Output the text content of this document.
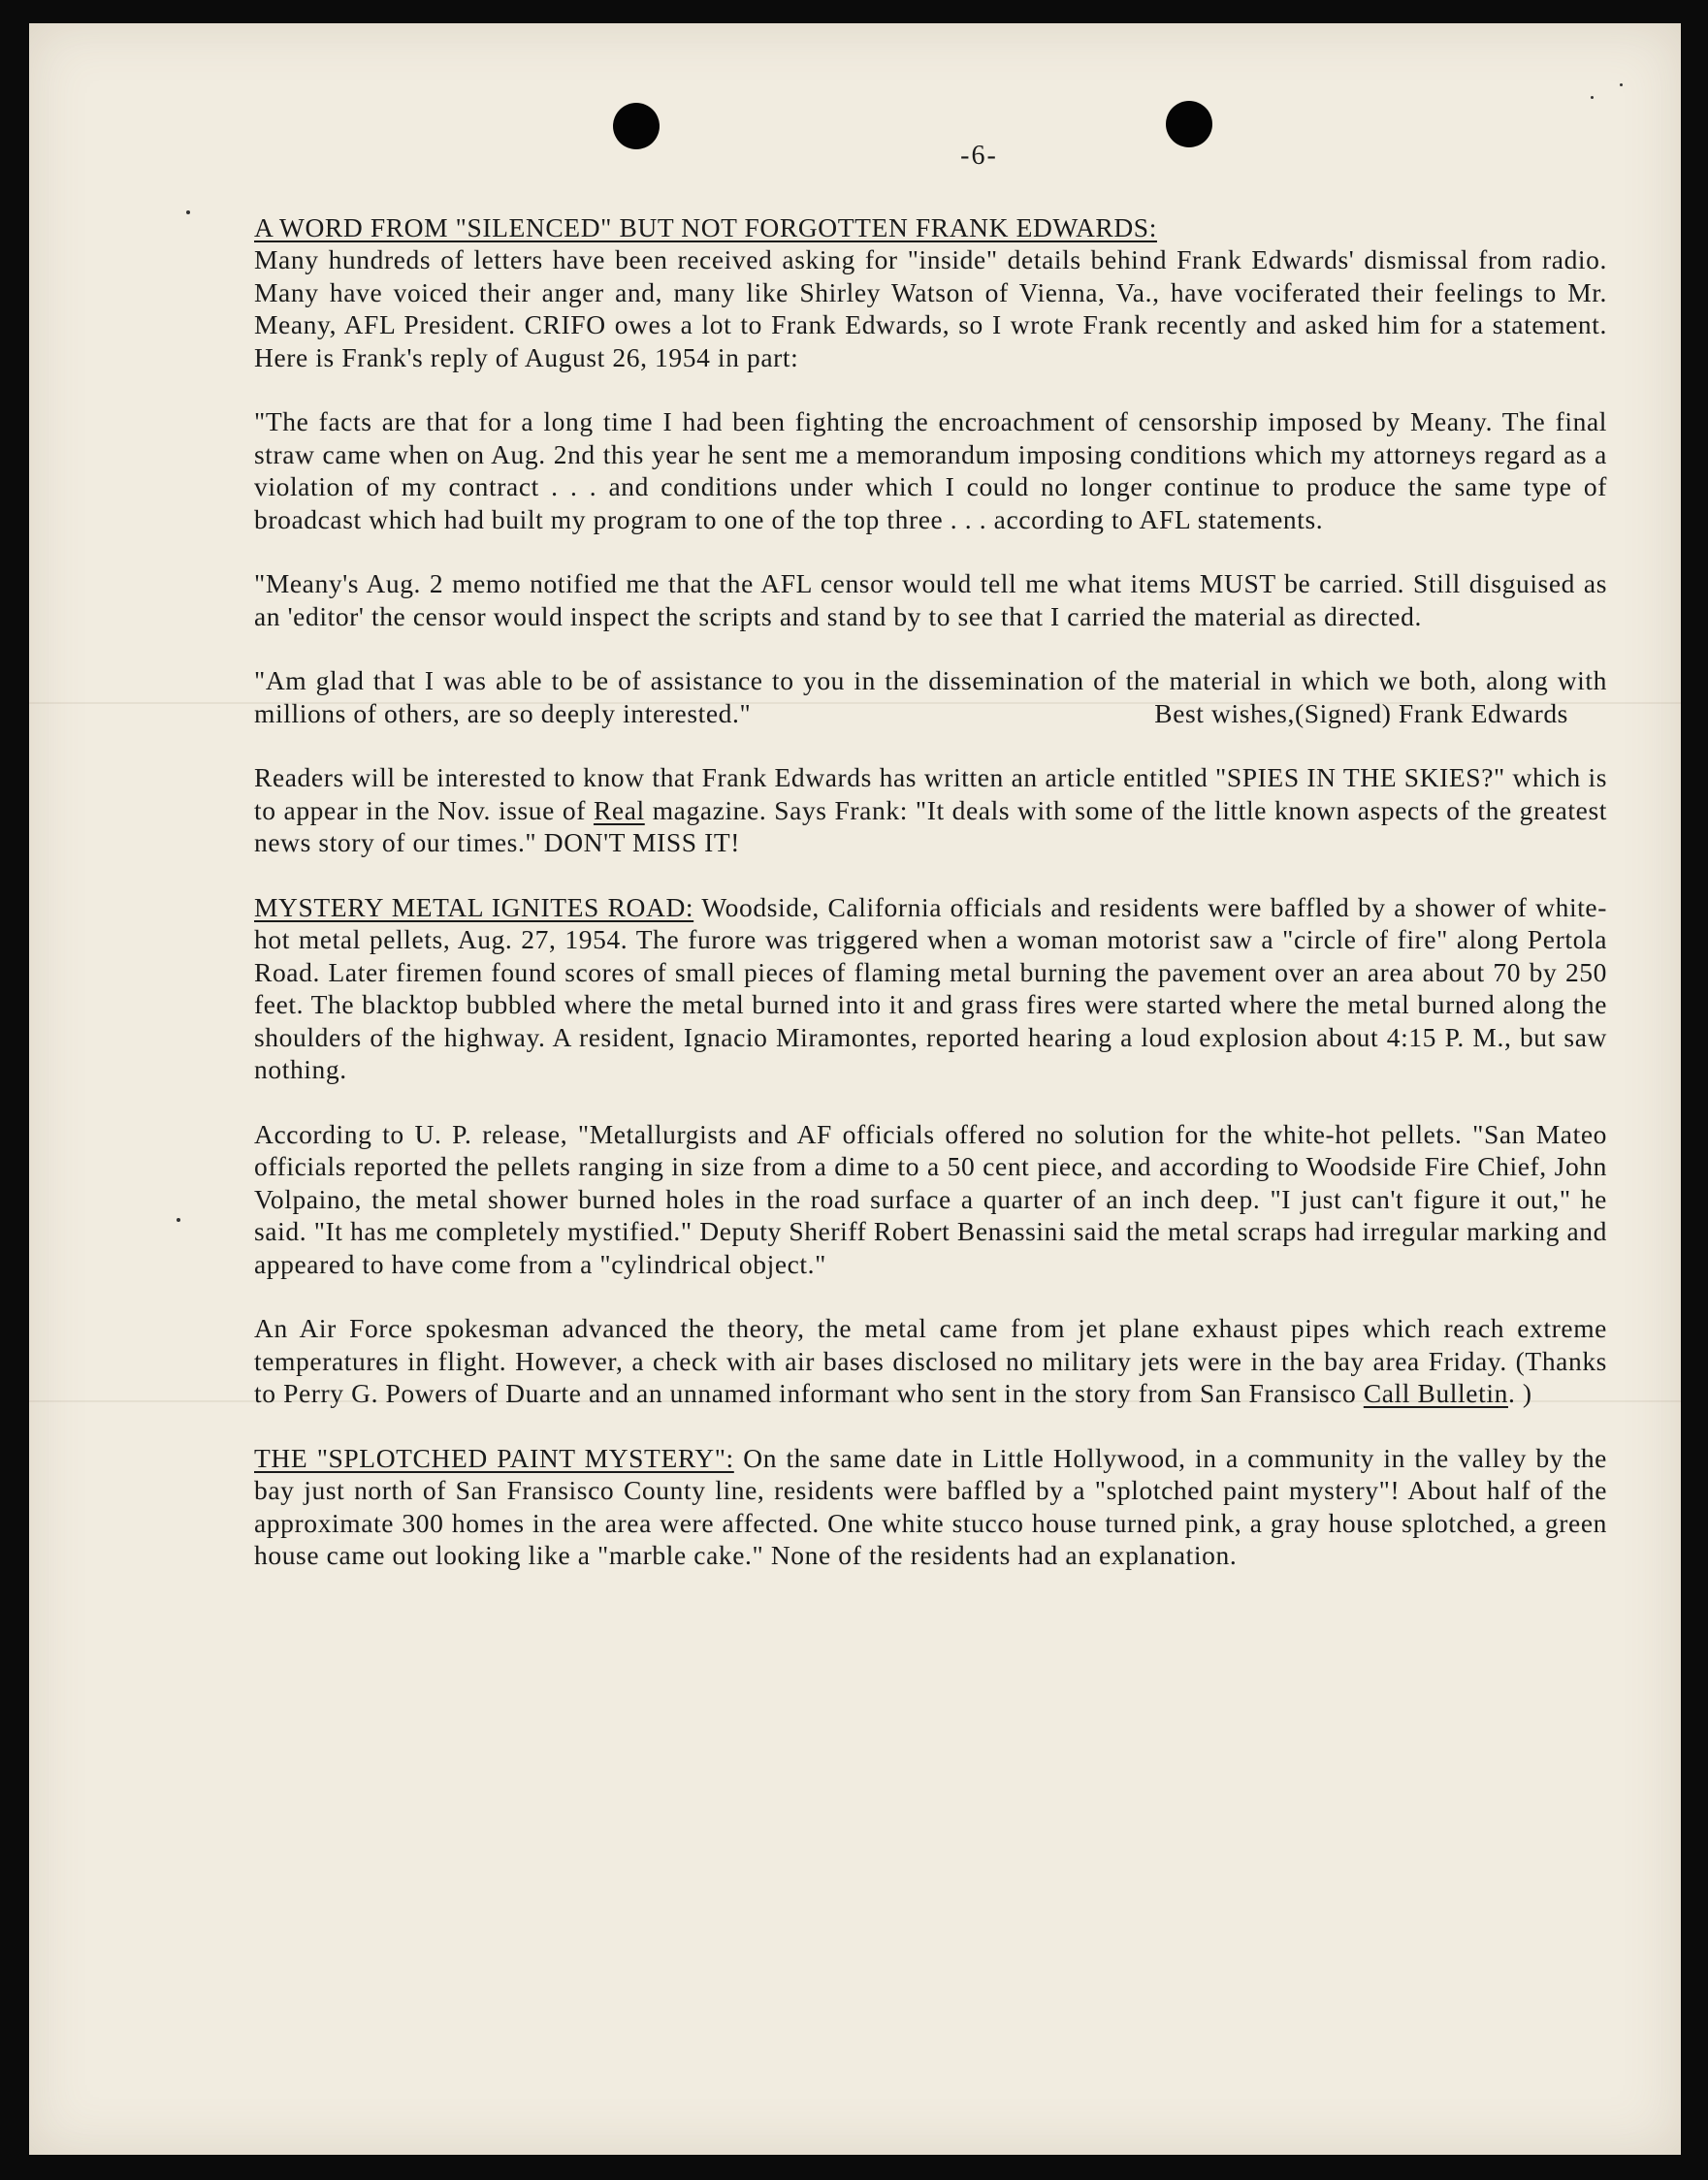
-6-

A WORD FROM "SILENCED" BUT NOT FORGOTTEN FRANK EDWARDS:
Many hundreds of letters have been received asking for "inside" details behind Frank Edwards' dismissal from radio. Many have voiced their anger and, many like Shirley Watson of Vienna, Va., have vociferated their feelings to Mr. Meany, AFL President. CRIFO owes a lot to Frank Edwards, so I wrote Frank recently and asked him for a statement. Here is Frank's reply of August 26, 1954 in part:

"The facts are that for a long time I had been fighting the encroachment of censorship imposed by Meany. The final straw came when on Aug. 2nd this year he sent me a memorandum imposing conditions which my attorneys regard as a violation of my contract . . . and conditions under which I could no longer continue to produce the same type of broadcast which had built my program to one of the top three . . . according to AFL statements.

"Meany's Aug. 2 memo notified me that the AFL censor would tell me what items MUST be carried. Still disguised as an 'editor' the censor would inspect the scripts and stand by to see that I carried the material as directed.

"Am glad that I was able to be of assistance to you in the dissemination of the material in which we both, along with millions of others, are so deeply interested."	Best wishes,(Signed) Frank Edwards

Readers will be interested to know that Frank Edwards has written an article entitled "SPIES IN THE SKIES?" which is to appear in the Nov. issue of Real magazine. Says Frank: "It deals with some of the little known aspects of the greatest news story of our times." DON'T MISS IT!

MYSTERY METAL IGNITES ROAD: Woodside, California officials and residents were baffled by a shower of white-hot metal pellets, Aug. 27, 1954. The furore was triggered when a woman motorist saw a "circle of fire" along Pertola Road. Later firemen found scores of small pieces of flaming metal burning the pavement over an area about 70 by 250 feet. The blacktop bubbled where the metal burned into it and grass fires were started where the metal burned along the shoulders of the highway. A resident, Ignacio Miramontes, reported hearing a loud explosion about 4:15 P. M., but saw nothing.

According to U. P. release, "Metallurgists and AF officials offered no solution for the white-hot pellets. "San Mateo officials reported the pellets ranging in size from a dime to a 50 cent piece, and according to Woodside Fire Chief, John Volpaino, the metal shower burned holes in the road surface a quarter of an inch deep. "I just can't figure it out," he said. "It has me completely mystified." Deputy Sheriff Robert Benassini said the metal scraps had irregular marking and appeared to have come from a "cylindrical object."

An Air Force spokesman advanced the theory, the metal came from jet plane exhaust pipes which reach extreme temperatures in flight. However, a check with air bases disclosed no military jets were in the bay area Friday. (Thanks to Perry G. Powers of Duarte and an unnamed informant who sent in the story from San Fransisco Call Bulletin. )

THE "SPLOTCHED PAINT MYSTERY": On the same date in Little Hollywood, in a community in the valley by the bay just north of San Fransisco County line, residents were baffled by a "splotched paint mystery"! About half of the approximate 300 homes in the area were affected. One white stucco house turned pink, a gray house splotched, a green house came out looking like a "marble cake." None of the residents had an explanation.
